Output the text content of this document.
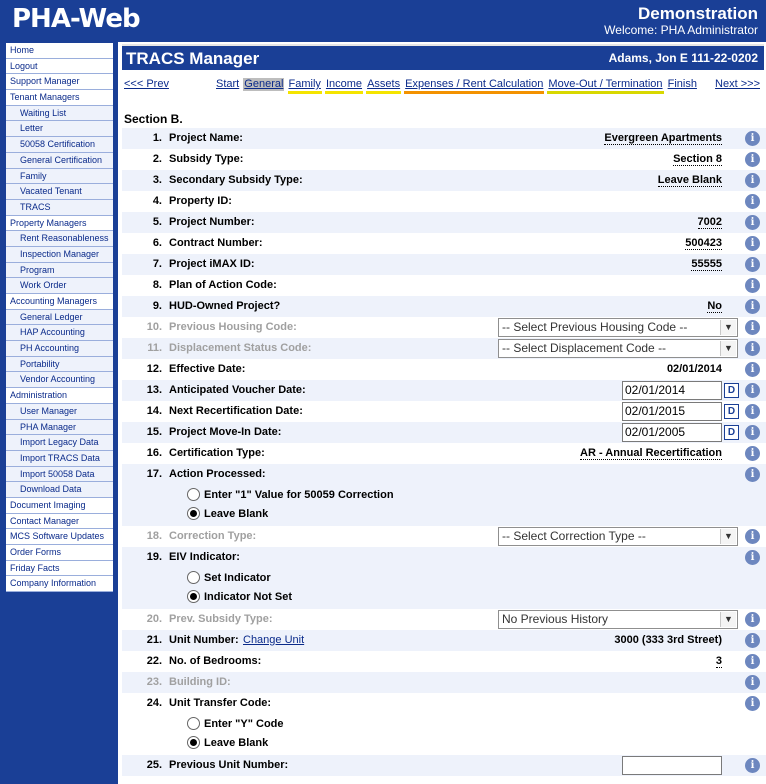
PHA-Web	Demonstration
Welcome: PHA Administrator
Home
Logout
Support Manager
Tenant Managers
Waiting List
Letter
50058 Certification
General Certification
Family
Vacated Tenant
TRACS
Property Managers
Rent Reasonableness
Inspection Manager
Program
Work Order
Accounting Managers
General Ledger
HAP Accounting
PH Accounting
Portability
Vendor Accounting
Administration
User Manager
PHA Manager
Import Legacy Data
Import TRACS Data
Import 50058 Data
Download Data
Document Imaging
Contact Manager
MCS Software Updates
Order Forms
Friday Facts
Company Information
TRACS Manager	Adams, Jon E 111-22-0202
<<< Prev	Start General Family Income Assets Expenses / Rent Calculation Move-Out / Termination Finish Next >>>
Section B.
1. Project Name:	Evergreen Apartments	i
2. Subsidy Type:	Section 8	i
3. Secondary Subsidy Type:	Leave Blank	i
4. Property ID:	i
5. Project Number:	7002	i
6. Contract Number:	500423	i
7. Project iMAX ID:	55555	i
8. Plan of Action Code:	i
9. HUD-Owned Project?	No	i
10. Previous Housing Code:	-- Select Previous Housing Code --	▼	i
11. Displacement Status Code:	-- Select Displacement Code --	▼	i
12. Effective Date:	02/01/2014	i
13. Anticipated Voucher Date:	02/01/2014	D	i
14. Next Recertification Date:	02/01/2015	D	i
15. Project Move-In Date:	02/01/2005	D	i
16. Certification Type:	AR - Annual Recertification	i
17. Action Processed:
Enter "1" Value for 50059 Correction
Leave Blank
i
18. Correction Type:	-- Select Correction Type --	▼	i
19. EIV Indicator:
Set Indicator
Indicator Not Set
i
20. Prev. Subsidy Type:	No Previous History	▼	i
21. Unit Number: Change Unit	3000 (333 3rd Street)	i
22. No. of Bedrooms:	3	i
23. Building ID:	i
24. Unit Transfer Code:
Enter "Y" Code
Leave Blank
i
25. Previous Unit Number:	i
